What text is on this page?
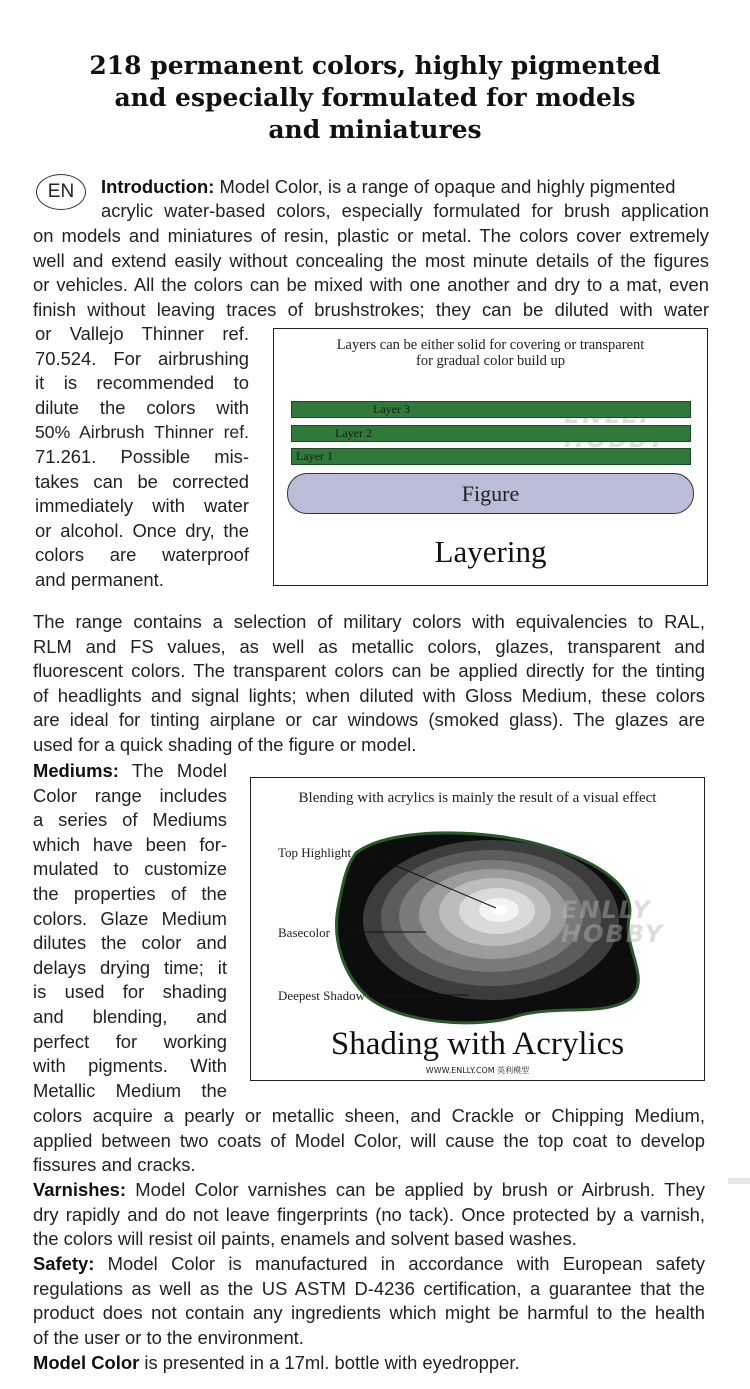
218 permanent colors, highly pigmented
and especially formulated for models
and miniatures
EN	Introduction: Model Color, is a range of opaque and highly pigmented
acrylic water-based colors, especially formulated for brush application
on models and miniatures of resin, plastic or metal. The colors cover extremely
well and extend easily without concealing the most minute details of the figures
or vehicles. All the colors can be mixed with one another and dry to a mat, even
finish without leaving traces of brushstrokes; they can be diluted with water
or Vallejo Thinner ref.
70.524. For airbrushing
it is recommended to
dilute the colors with
50% Airbrush Thinner ref.
71.261. Possible mis-
takes can be corrected
immediately with water
or alcohol. Once dry, the
colors are waterproof
and permanent.
Layers can be either solid for covering or transparent
for gradual color build up
Layer 3
Layer 2
Layer 1
Figure
Layering
The range contains a selection of military colors with equivalencies to RAL,
RLM and FS values, as well as metallic colors, glazes, transparent and
fluorescent colors. The transparent colors can be applied directly for the tinting
of headlights and signal lights; when diluted with Gloss Medium, these colors
are ideal for tinting airplane or car windows (smoked glass). The glazes are
used for a quick shading of the figure or model.
Mediums: The Model
Color range includes
a series of Mediums
which have been for-
mulated to customize
the properties of the
colors. Glaze Medium
dilutes the color and
delays drying time; it
is used for shading
and blending, and
perfect for working
with pigments. With
Metallic Medium the
Blending with acrylics is mainly the result of a visual effect
Top Highlight
Basecolor
Deepest Shadow
ENLLY
HOBBY
Shading with Acrylics
WWW.ENLLY.COM 英利模型
colors acquire a pearly or metallic sheen, and Crackle or Chipping Medium,
applied between two coats of Model Color, will cause the top coat to develop
fissures and cracks.
Varnishes: Model Color varnishes can be applied by brush or Airbrush. They
dry rapidly and do not leave fingerprints (no tack). Once protected by a varnish,
the colors will resist oil paints, enamels and solvent based washes.
Safety: Model Color is manufactured in accordance with European safety
regulations as well as the US ASTM D-4236 certification, a guarantee that the
product does not contain any ingredients which might be harmful to the health
of the user or to the environment.
Model Color is presented in a 17ml. bottle with eyedropper.
